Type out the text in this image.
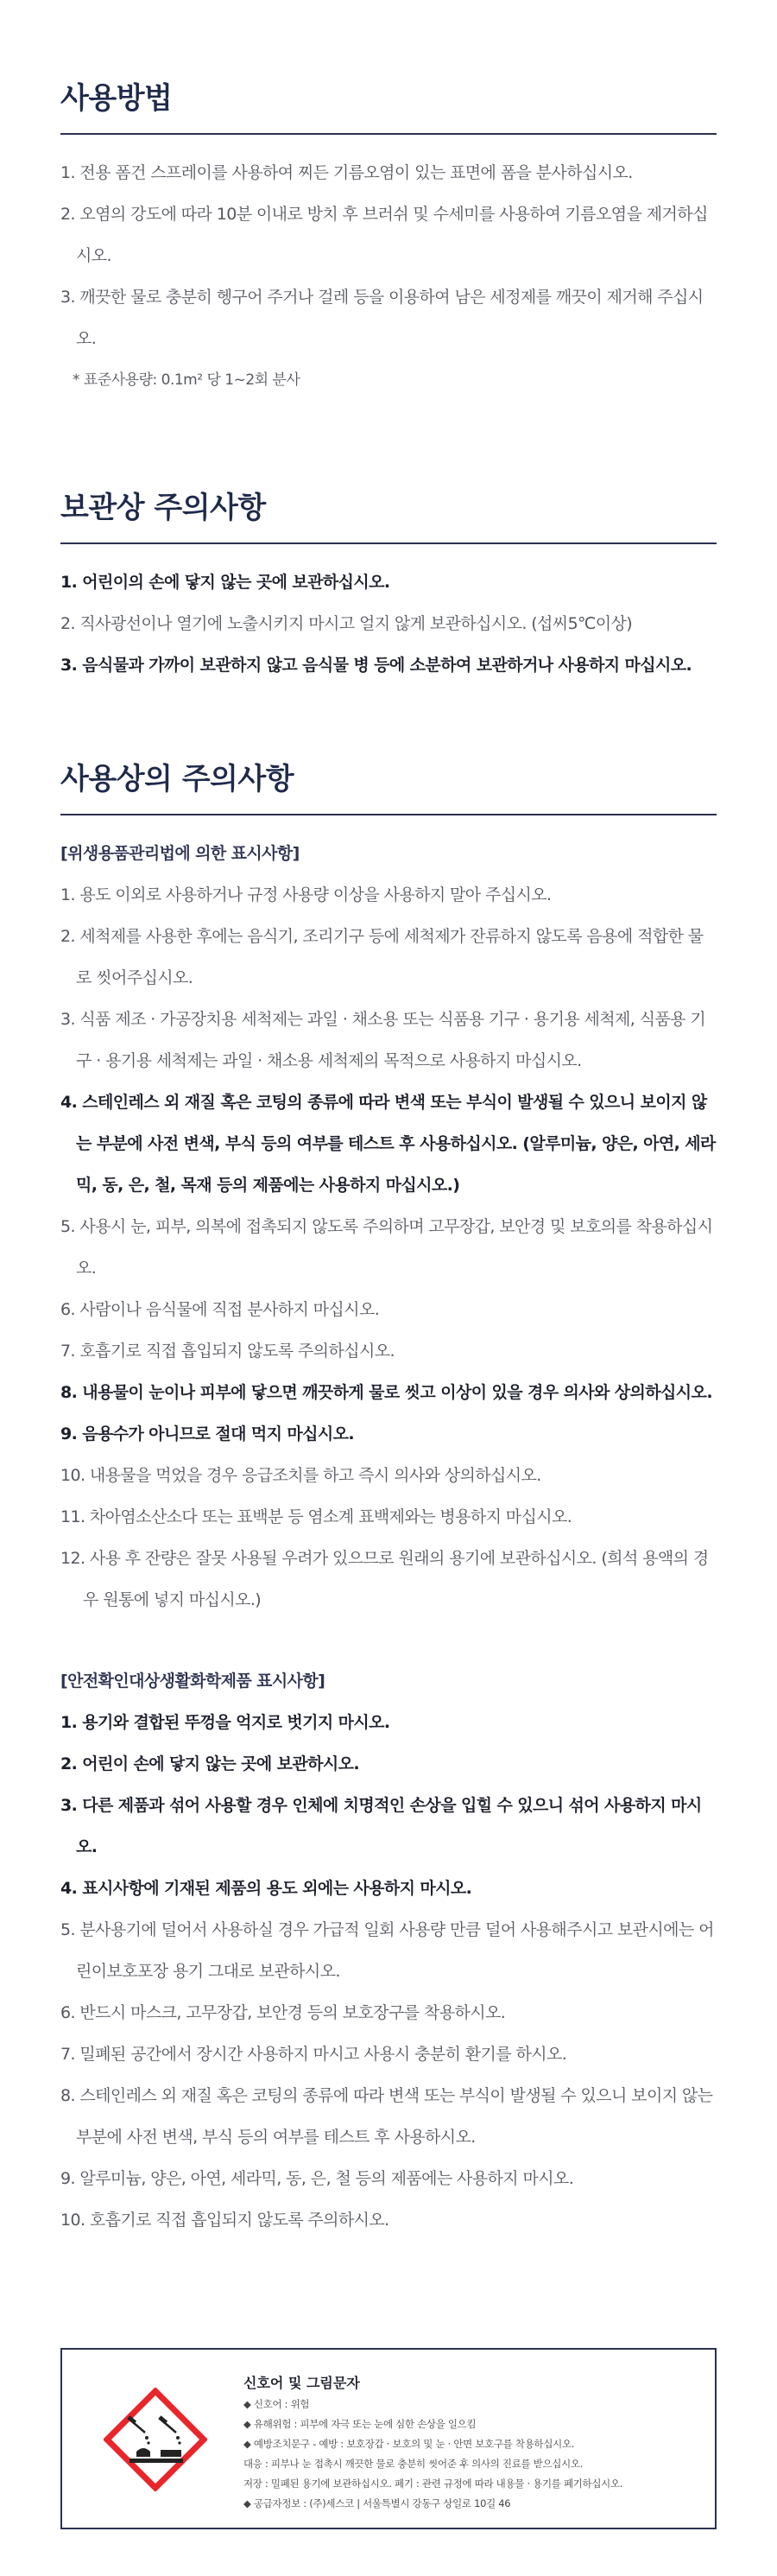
사용방법
1. 전용 폼건 스프레이를 사용하여 찌든 기름오염이 있는 표면에 폼을 분사하십시오.
2. 오염의 강도에 따라 10분 이내로 방치 후 브러쉬 및 수세미를 사용하여 기름오염을 제거하십시오.
3. 깨끗한 물로 충분히 헹구어 주거나 걸레 등을 이용하여 남은 세정제를 깨끗이 제거해 주십시오.
* 표준사용량: 0.1m² 당 1~2회 분사
보관상 주의사항
1. 어린이의 손에 닿지 않는 곳에 보관하십시오.
2. 직사광선이나 열기에 노출시키지 마시고 얼지 않게 보관하십시오. (섭씨5℃이상)
3. 음식물과 가까이 보관하지 않고 음식물 병 등에 소분하여 보관하거나 사용하지 마십시오.
사용상의 주의사항
[위생용품관리법에 의한 표시사항]
1. 용도 이외로 사용하거나 규정 사용량 이상을 사용하지 말아 주십시오.
2. 세척제를 사용한 후에는 음식기, 조리기구 등에 세척제가 잔류하지 않도록 음용에 적합한 물로 씻어주십시오.
3. 식품 제조 · 가공장치용 세척제는 과일 · 채소용 또는 식품용 기구 · 용기용 세척제, 식품용 기구 · 용기용 세척제는 과일 · 채소용 세척제의 목적으로 사용하지 마십시오.
4. 스테인레스 외 재질 혹은 코팅의 종류에 따라 변색 또는 부식이 발생될 수 있으니 보이지 않는 부분에 사전 변색, 부식 등의 여부를 테스트 후 사용하십시오. (알루미늄, 양은, 아연, 세라믹, 동, 은, 철, 목재 등의 제품에는 사용하지 마십시오.)
5. 사용시 눈, 피부, 의복에 접촉되지 않도록 주의하며 고무장갑, 보안경 및 보호의를 착용하십시오.
6. 사람이나 음식물에 직접 분사하지 마십시오.
7. 호흡기로 직접 흡입되지 않도록 주의하십시오.
8. 내용물이 눈이나 피부에 닿으면 깨끗하게 물로 씻고 이상이 있을 경우 의사와 상의하십시오.
9. 음용수가 아니므로 절대 먹지 마십시오.
10. 내용물을 먹었을 경우 응급조치를 하고 즉시 의사와 상의하십시오.
11. 차아염소산소다 또는 표백분 등 염소계 표백제와는 병용하지 마십시오.
12. 사용 후 잔량은 잘못 사용될 우려가 있으므로 원래의 용기에 보관하십시오. (희석 용액의 경우 원통에 넣지 마십시오.)
[안전확인대상생활화학제품 표시사항]
1. 용기와 결합된 뚜껑을 억지로 벗기지 마시오.
2. 어린이 손에 닿지 않는 곳에 보관하시오.
3. 다른 제품과 섞어 사용할 경우 인체에 치명적인 손상을 입힐 수 있으니 섞어 사용하지 마시오.
4. 표시사항에 기재된 제품의 용도 외에는 사용하지 마시오.
5. 분사용기에 덜어서 사용하실 경우 가급적 일회 사용량 만큼 덜어 사용해주시고 보관시에는 어린이보호포장 용기 그대로 보관하시오.
6. 반드시 마스크, 고무장갑, 보안경 등의 보호장구를 착용하시오.
7. 밀폐된 공간에서 장시간 사용하지 마시고 사용시 충분히 환기를 하시오.
8. 스테인레스 외 재질 혹은 코팅의 종류에 따라 변색 또는 부식이 발생될 수 있으니 보이지 않는 부분에 사전 변색, 부식 등의 여부를 테스트 후 사용하시오.
9. 알루미늄, 양은, 아연, 세라믹, 동, 은, 철 등의 제품에는 사용하지 마시오.
10. 호흡기로 직접 흡입되지 않도록 주의하시오.
신호어 및 그림문자
◆ 신호어 : 위험
◆ 유해위험 : 피부에 자극 또는 눈에 심한 손상을 일으킴
◆ 예방조치문구 - 예방 : 보호장갑 · 보호의 및 눈 · 안면 보호구를 착용하십시오.
대응 : 피부나 눈 접촉시 깨끗한 물로 충분히 씻어준 후 의사의 진료를 받으십시오.
저장 : 밀폐된 용기에 보관하십시오. 폐기 : 관련 규정에 따라 내용물 · 용기를 폐기하십시오.
◆ 공급자정보 : (주)세스코 | 서울특별시 강동구 상일로 10길 46
